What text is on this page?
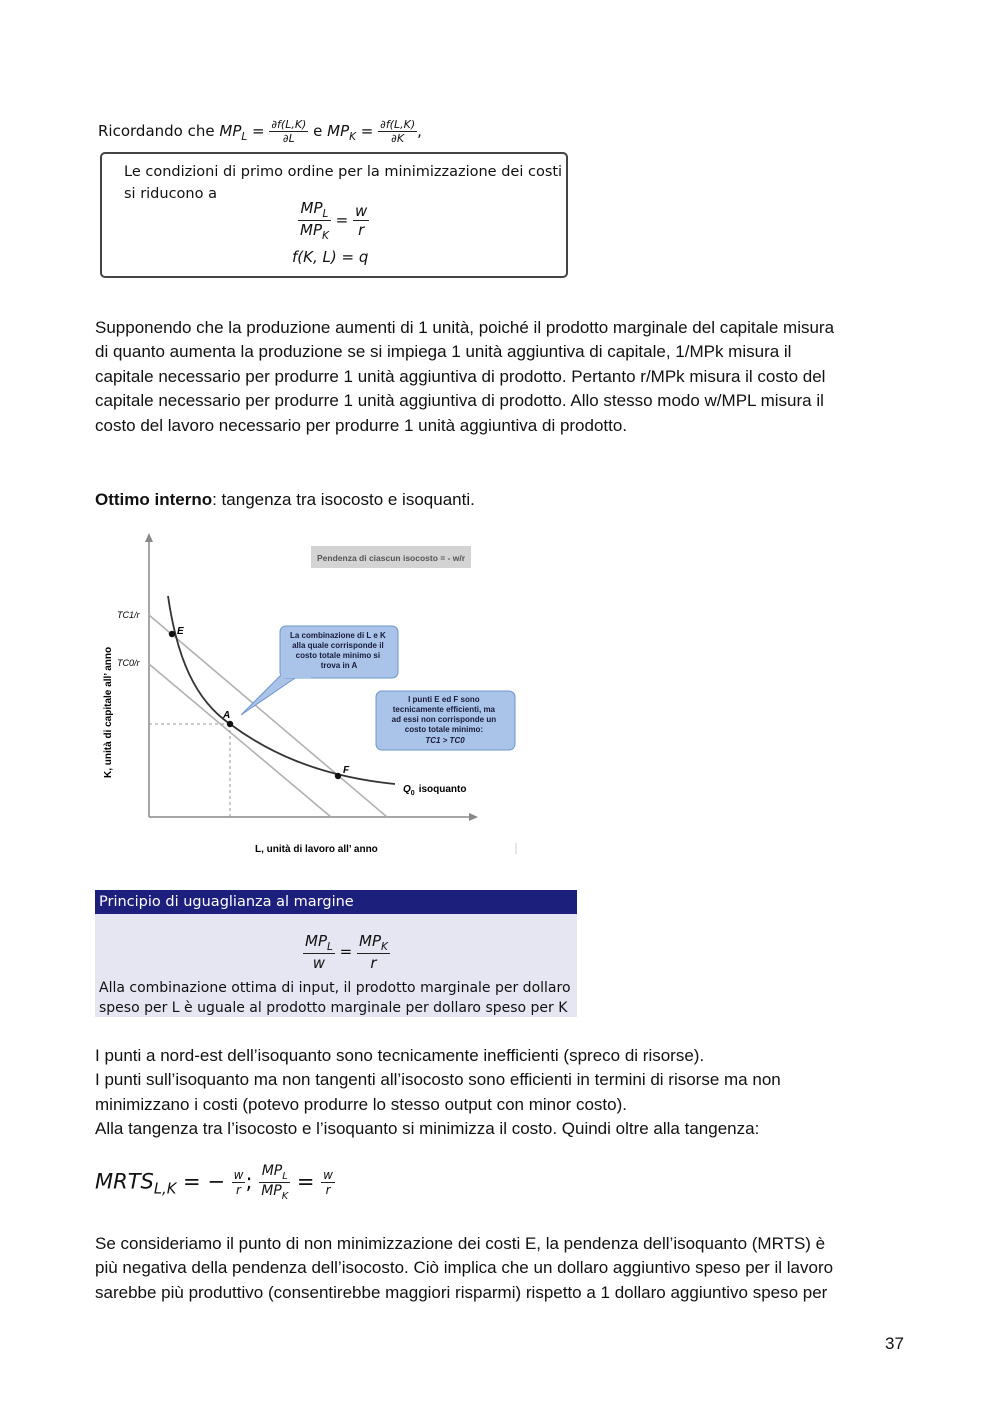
Ricordando che $MP_L = \frac{\partial f(L,K)}{\partial L}$ e $MP_K = \frac{\partial f(L,K)}{\partial K}$ ,
Le condizioni di primo ordine per la minimizzazione dei costi
si riducono a
$\frac{MP_L}{MP_K} = \frac{w}{r}$
f(K, L) = q
Supponendo che la produzione aumenti di 1 unità, poiché il prodotto marginale del capitale misura
di quanto aumenta la produzione se si impiega 1 unità aggiuntiva di capitale, 1/MPk misura il
capitale necessario per produrre 1 unità aggiuntiva di prodotto. Pertanto r/MPk misura il costo del
capitale necessario per produrre 1 unità aggiuntiva di prodotto. Allo stesso modo w/MPL misura il
costo del lavoro necessario per produrre 1 unità aggiuntiva di prodotto.
Ottimo interno: tangenza tra isocosto e isoquanti.
E
A
F
TC1/r
TC0/r
K, unità di capitale all’ anno
L, unità di lavoro all’ anno
Pendenza di ciascun isocosto = - w/r
La combinazione di L e K alla quale corrisponde il costo totale minimo si trova in A
I punti E ed F sono tecnicamente efficienti, ma ad essi non corrisponde un costo totale minimo: TC1 > TC0
$Q_0$ isoquanto
Principio di uguaglianza al margine
$\frac{MP_L}{w} = \frac{MP_K}{r}$
Alla combinazione ottima di input, il prodotto marginale per dollaro
speso per L è uguale al prodotto marginale per dollaro speso per K
I punti a nord-est dell’isoquanto sono tecnicamente inefficienti (spreco di risorse).
I punti sull’isoquanto ma non tangenti all’isocosto sono efficienti in termini di risorse ma non
minimizzano i costi (potevo produrre lo stesso output con minor costo).
Alla tangenza tra l’isocosto e l’isoquanto si minimizza il costo. Quindi oltre alla tangenza:
$MRTS_{L,K}$ = − $\frac{w}{r}$ ; $\frac{MP_L}{MP_K} = \frac{w}{r}$
Se consideriamo il punto di non minimizzazione dei costi E, la pendenza dell’isoquanto (MRTS) è
più negativa della pendenza dell’isocosto. Ciò implica che un dollaro aggiuntivo speso per il lavoro
sarebbe più produttivo (consentirebbe maggiori risparmi) rispetto a 1 dollaro aggiuntivo speso per
37
